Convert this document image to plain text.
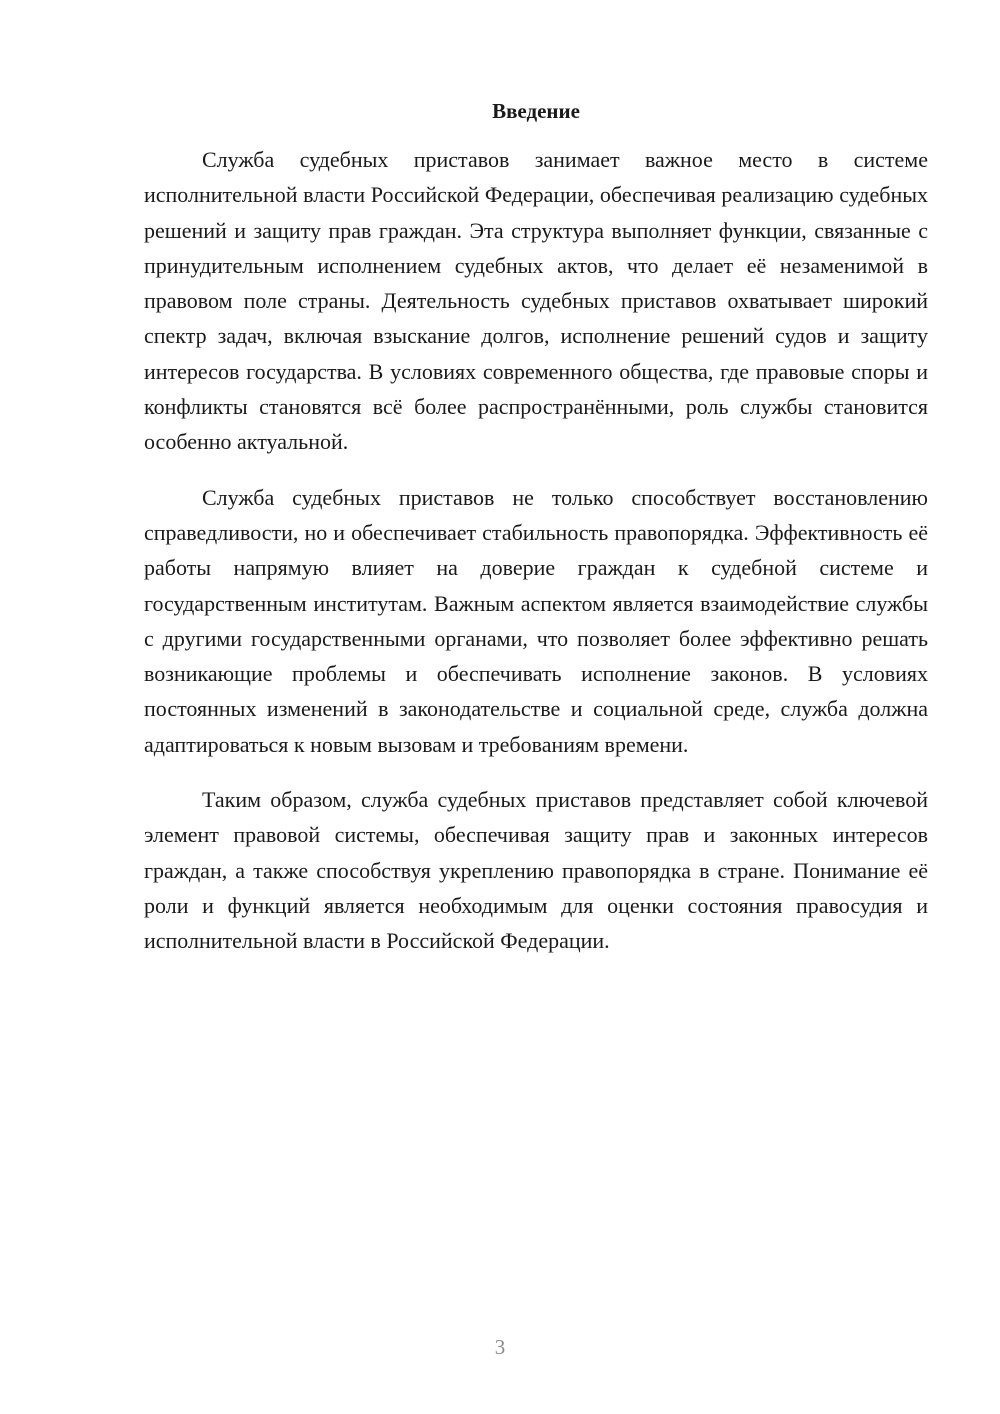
Введение

Служба судебных приставов занимает важное место в системе исполнительной власти Российской Федерации, обеспечивая реализацию судебных решений и защиту прав граждан. Эта структура выполняет функции, связанные с принудительным исполнением судебных актов, что делает её незаменимой в правовом поле страны. Деятельность судебных приставов охватывает широкий спектр задач, включая взыскание долгов, исполнение решений судов и защиту интересов государства. В условиях современного общества, где правовые споры и конфликты становятся всё более распространёнными, роль службы становится особенно актуальной.

Служба судебных приставов не только способствует восстановлению справедливости, но и обеспечивает стабильность правопорядка. Эффективность её работы напрямую влияет на доверие граждан к судебной системе и государственным институтам. Важным аспектом является взаимодействие службы с другими государственными органами, что позволяет более эффективно решать возникающие проблемы и обеспечивать исполнение законов. В условиях постоянных изменений в законодательстве и социальной среде, служба должна адаптироваться к новым вызовам и требованиям времени.

Таким образом, служба судебных приставов представляет собой ключевой элемент правовой системы, обеспечивая защиту прав и законных интересов граждан, а также способствуя укреплению правопорядка в стране. Понимание её роли и функций является необходимым для оценки состояния правосудия и исполнительной власти в Российской Федерации.

3
